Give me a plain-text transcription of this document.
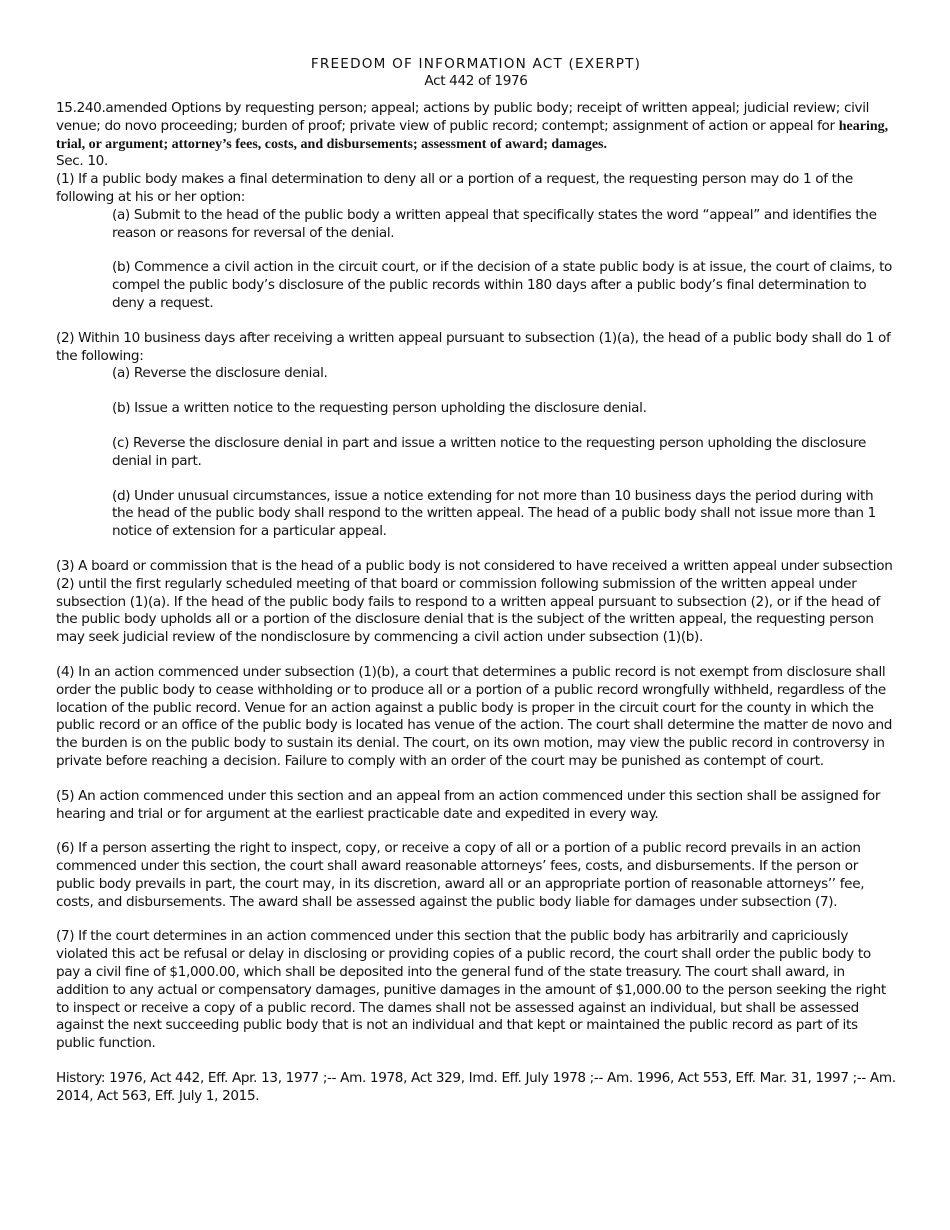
FREEDOM OF INFORMATION ACT (EXERPT)
Act 442 of 1976

15.240.amended Options by requesting person; appeal; actions by public body; receipt of written appeal; judicial review; civil venue; do novo proceeding; burden of proof; private view of public record; contempt; assignment of action or appeal for hearing, trial, or argument; attorney’s fees, costs, and disbursements; assessment of award; damages.

Sec. 10.

(1) If a public body makes a final determination to deny all or a portion of a request, the requesting person may do 1 of the following at his or her option:

(a) Submit to the head of the public body a written appeal that specifically states the word “appeal” and identifies the reason or reasons for reversal of the denial.

(b) Commence a civil action in the circuit court, or if the decision of a state public body is at issue, the court of claims, to compel the public body’s disclosure of the public records within 180 days after a public body’s final determination to deny a request.

(2) Within 10 business days after receiving a written appeal pursuant to subsection (1)(a), the head of a public body shall do 1 of the following:

(a) Reverse the disclosure denial.

(b) Issue a written notice to the requesting person upholding the disclosure denial.

(c) Reverse the disclosure denial in part and issue a written notice to the requesting person upholding the disclosure denial in part.

(d) Under unusual circumstances, issue a notice extending for not more than 10 business days the period during with the head of the public body shall respond to the written appeal. The head of a public body shall not issue more than 1 notice of extension for a particular appeal.

(3) A board or commission that is the head of a public body is not considered to have received a written appeal under subsection (2) until the first regularly scheduled meeting of that board or commission following submission of the written appeal under subsection (1)(a). If the head of the public body fails to respond to a written appeal pursuant to subsection (2), or if the head of the public body upholds all or a portion of the disclosure denial that is the subject of the written appeal, the requesting person may seek judicial review of the nondisclosure by commencing a civil action under subsection (1)(b).

(4) In an action commenced under subsection (1)(b), a court that determines a public record is not exempt from disclosure shall order the public body to cease withholding or to produce all or a portion of a public record wrongfully withheld, regardless of the location of the public record. Venue for an action against a public body is proper in the circuit court for the county in which the public record or an office of the public body is located has venue of the action. The court shall determine the matter de novo and the burden is on the public body to sustain its denial. The court, on its own motion, may view the public record in controversy in private before reaching a decision. Failure to comply with an order of the court may be punished as contempt of court.

(5) An action commenced under this section and an appeal from an action commenced under this section shall be assigned for hearing and trial or for argument at the earliest practicable date and expedited in every way.

(6) If a person asserting the right to inspect, copy, or receive a copy of all or a portion of a public record prevails in an action commenced under this section, the court shall award reasonable attorneys’ fees, costs, and disbursements. If the person or public body prevails in part, the court may, in its discretion, award all or an appropriate portion of reasonable attorneys’’ fee, costs, and disbursements. The award shall be assessed against the public body liable for damages under subsection (7).

(7) If the court determines in an action commenced under this section that the public body has arbitrarily and capriciously violated this act be refusal or delay in disclosing or providing copies of a public record, the court shall order the public body to pay a civil fine of $1,000.00, which shall be deposited into the general fund of the state treasury. The court shall award, in addition to any actual or compensatory damages, punitive damages in the amount of $1,000.00 to the person seeking the right to inspect or receive a copy of a public record. The dames shall not be assessed against an individual, but shall be assessed against the next succeeding public body that is not an individual and that kept or maintained the public record as part of its public function.

History: 1976, Act 442, Eff. Apr. 13, 1977 ;-- Am. 1978, Act 329, Imd. Eff. July 1978 ;-- Am. 1996, Act 553, Eff. Mar. 31, 1997 ;-- Am. 2014, Act 563, Eff. July 1, 2015.
